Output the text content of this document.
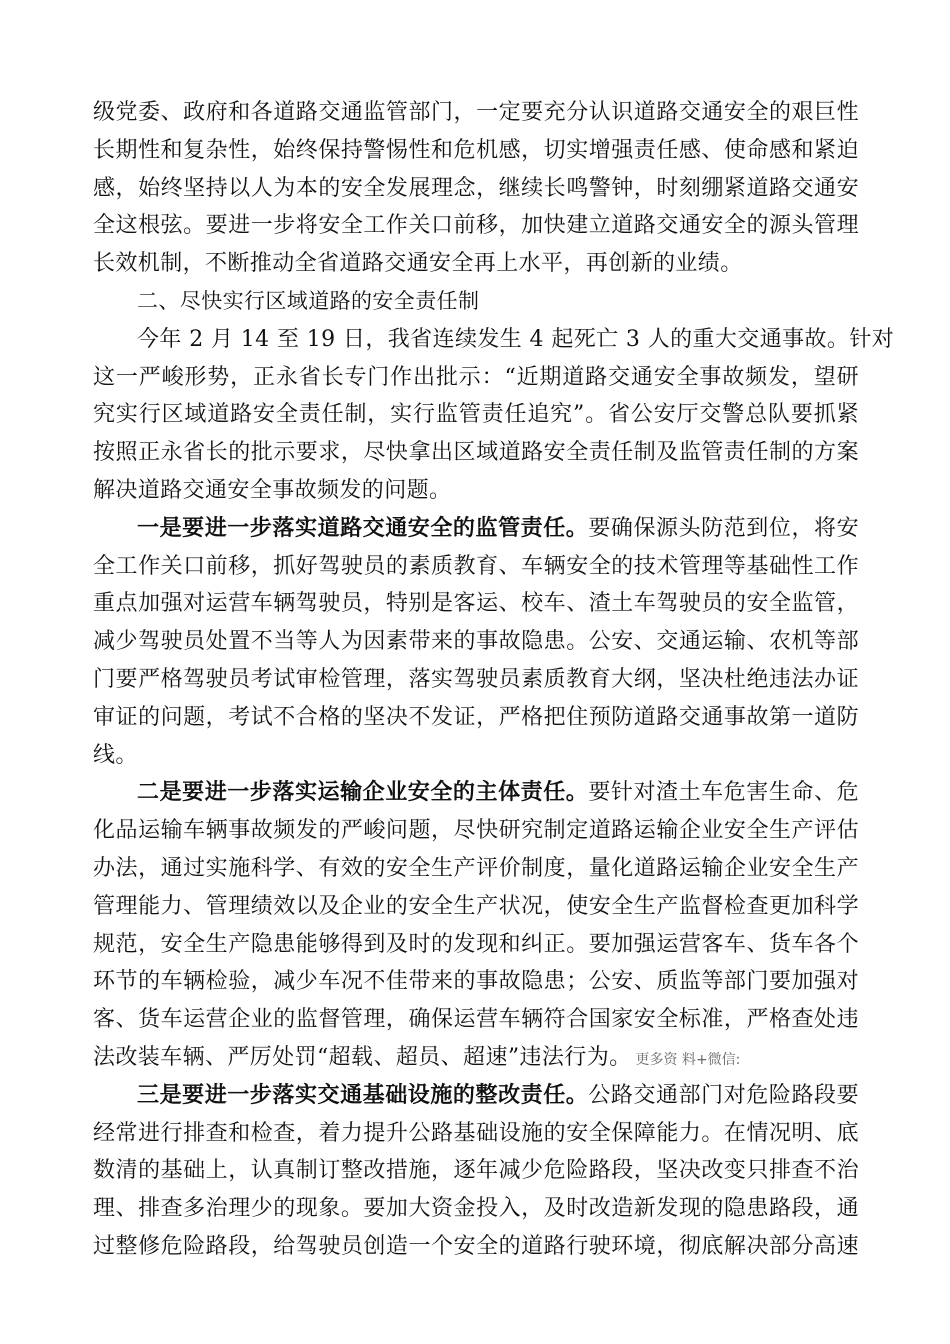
级党委、政府和各道路交通监管部门，一定要充分认识道路交通安全的艰巨性
长期性和复杂性，始终保持警惕性和危机感，切实增强责任感、使命感和紧迫
感，始终坚持以人为本的安全发展理念，继续长鸣警钟，时刻绷紧道路交通安
全这根弦。要进一步将安全工作关口前移，加快建立道路交通安全的源头管理
长效机制，不断推动全省道路交通安全再上水平，再创新的业绩。
二、尽快实行区域道路的安全责任制
今年 2 月 14 至 19 日，我省连续发生 4 起死亡 3 人的重大交通事故。针对
这一严峻形势，正永省长专门作出批示：“近期道路交通安全事故频发，望研
究实行区域道路安全责任制，实行监管责任追究”。省公安厅交警总队要抓紧
按照正永省长的批示要求，尽快拿出区域道路安全责任制及监管责任制的方案
解决道路交通安全事故频发的问题。
一是要进一步落实道路交通安全的监管责任。要确保源头防范到位，将安
全工作关口前移，抓好驾驶员的素质教育、车辆安全的技术管理等基础性工作
重点加强对运营车辆驾驶员，特别是客运、校车、渣土车驾驶员的安全监管，
减少驾驶员处置不当等人为因素带来的事故隐患。公安、交通运输、农机等部
门要严格驾驶员考试审检管理，落实驾驶员素质教育大纲，坚决杜绝违法办证
审证的问题，考试不合格的坚决不发证，严格把住预防道路交通事故第一道防
线。
二是要进一步落实运输企业安全的主体责任。要针对渣土车危害生命、危
化品运输车辆事故频发的严峻问题，尽快研究制定道路运输企业安全生产评估
办法，通过实施科学、有效的安全生产评价制度，量化道路运输企业安全生产
管理能力、管理绩效以及企业的安全生产状况，使安全生产监督检查更加科学
规范，安全生产隐患能够得到及时的发现和纠正。要加强运营客车、货车各个
环节的车辆检验，减少车况不佳带来的事故隐患；公安、质监等部门要加强对
客、货车运营企业的监督管理，确保运营车辆符合国家安全标准，严格查处违
法改装车辆、严厉处罚“超载、超员、超速”违法行为。 更多资 料+微信:
三是要进一步落实交通基础设施的整改责任。公路交通部门对危险路段要
经常进行排查和检查，着力提升公路基础设施的安全保障能力。在情况明、底
数清的基础上，认真制订整改措施，逐年减少危险路段，坚决改变只排查不治
理、排查多治理少的现象。要加大资金投入，及时改造新发现的隐患路段，通
过整修危险路段，给驾驶员创造一个安全的道路行驶环境，彻底解决部分高速
